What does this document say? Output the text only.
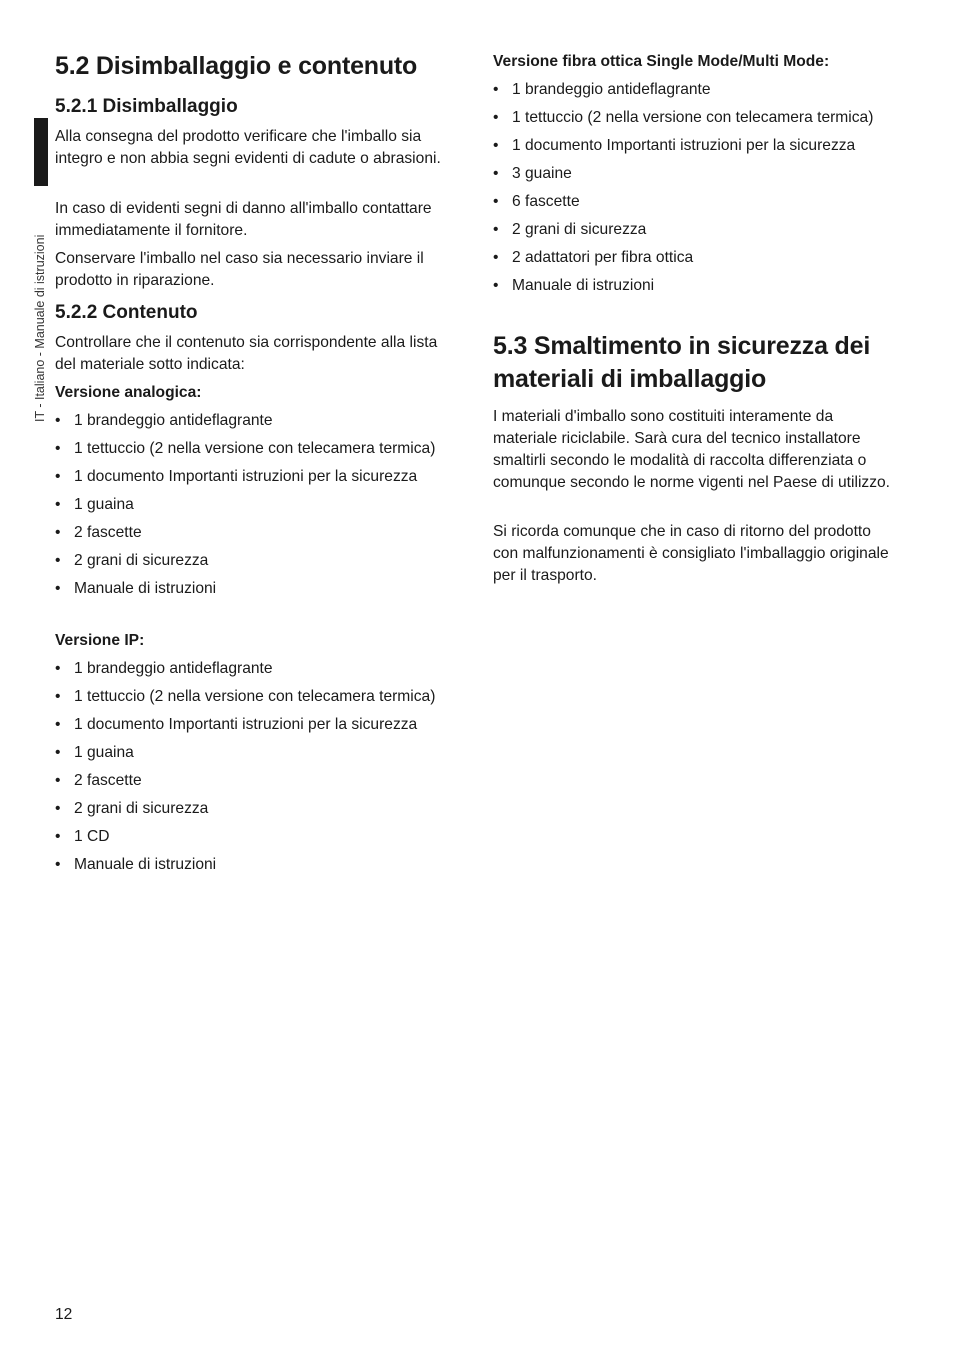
IT - Italiano - Manuale di istruzioni
5.2 Disimballaggio e contenuto
5.2.1 Disimballaggio

Alla consegna del prodotto verificare che l'imballo sia integro e non abbia segni evidenti di cadute o abrasioni.

In caso di evidenti segni di danno all'imballo contattare immediatamente il fornitore.

Conservare l'imballo nel caso sia necessario inviare il prodotto in riparazione.

5.2.2 Contenuto

Controllare che il contenuto sia corrispondente alla lista del materiale sotto indicata:

Versione analogica:
• 1 brandeggio antideflagrante
• 1 tettuccio (2 nella versione con telecamera termica)
• 1 documento Importanti istruzioni per la sicurezza
• 1 guaina
• 2 fascette
• 2 grani di sicurezza
• Manuale di istruzioni
Versione IP:
• 1 brandeggio antideflagrante
• 1 tettuccio (2 nella versione con telecamera termica)
• 1 documento Importanti istruzioni per la sicurezza
• 1 guaina
• 2 fascette
• 2 grani di sicurezza
• 1 CD
• Manuale di istruzioni
Versione fibra ottica Single Mode/Multi Mode:
• 1 brandeggio antideflagrante
• 1 tettuccio (2 nella versione con telecamera termica)
• 1 documento Importanti istruzioni per la sicurezza
• 3 guaine
• 6 fascette
• 2 grani di sicurezza
• 2 adattatori per fibra ottica
• Manuale di istruzioni
5.3 Smaltimento in sicurezza dei materiali di imballaggio

I materiali d'imballo sono costituiti interamente da materiale riciclabile. Sarà cura del tecnico installatore smaltirli secondo le modalità di raccolta differenziata o comunque secondo le norme vigenti nel Paese di utilizzo.

Si ricorda comunque che in caso di ritorno del prodotto con malfunzionamenti è consigliato l'imballaggio originale per il trasporto.

12
